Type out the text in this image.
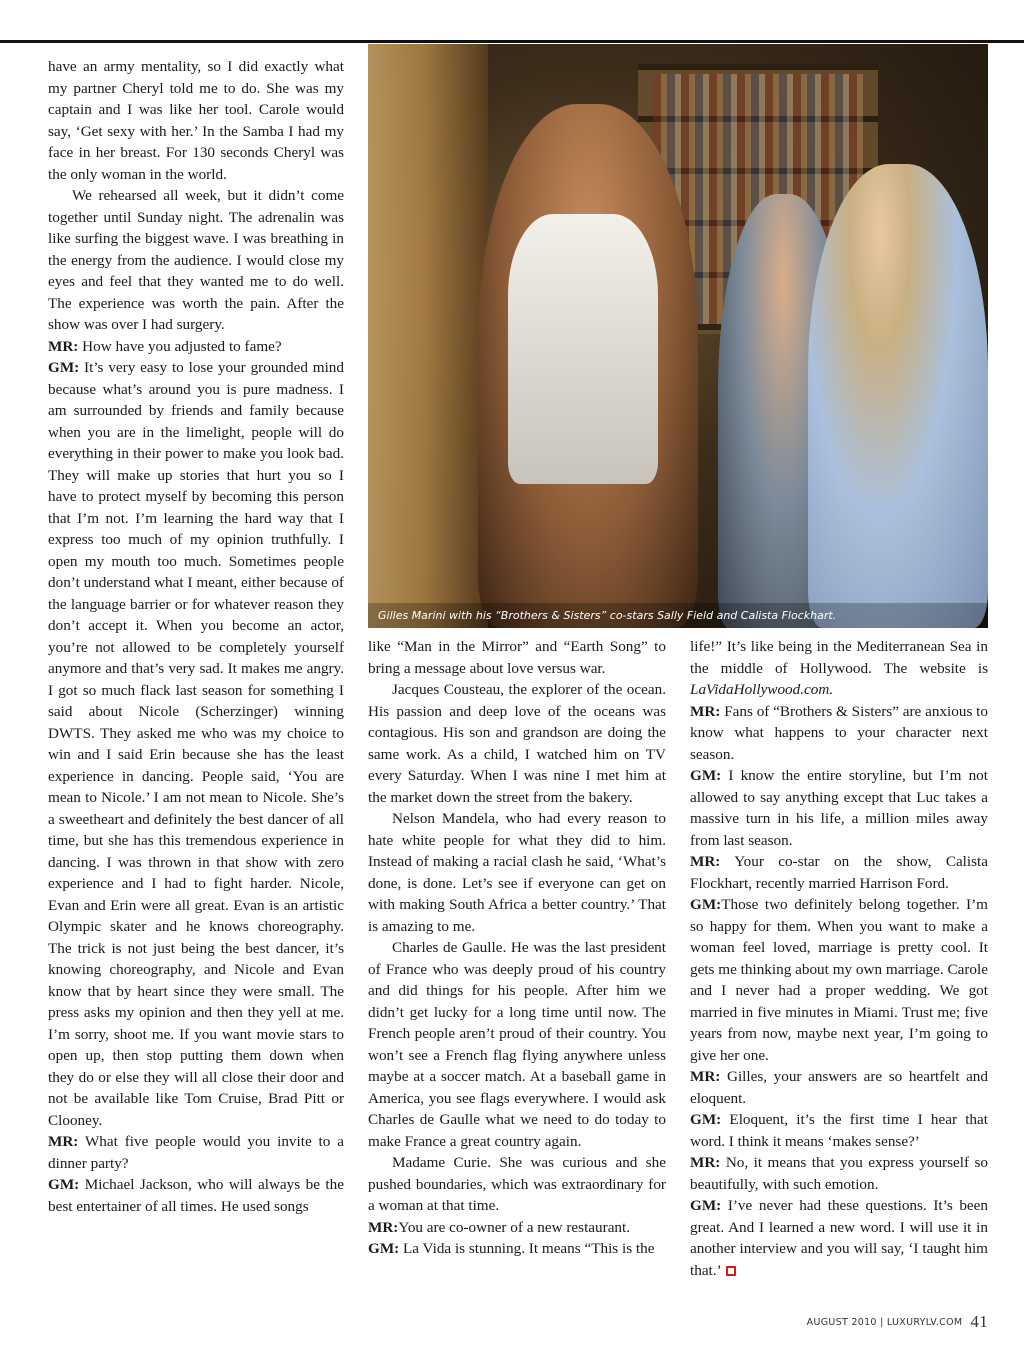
have an army mentality, so I did exactly what my partner Cheryl told me to do. She was my captain and I was like her tool. Carole would say, ‘Get sexy with her.’ In the Samba I had my face in her breast. For 130 seconds Cheryl was the only woman in the world.

We rehearsed all week, but it didn’t come together until Sunday night. The adrenalin was like surfing the biggest wave. I was breathing in the energy from the audience. I would close my eyes and feel that they wanted me to do well. The experience was worth the pain. After the show was over I had surgery.

MR: How have you adjusted to fame?

GM: It’s very easy to lose your grounded mind because what’s around you is pure madness. I am surrounded by friends and family because when you are in the limelight, people will do everything in their power to make you look bad. They will make up stories that hurt you so I have to protect myself by becoming this person that I’m not. I’m learning the hard way that I express too much of my opinion truthfully. I open my mouth too much. Sometimes people don’t understand what I meant, either because of the language barrier or for whatever reason they don’t accept it. When you become an actor, you’re not allowed to be completely yourself anymore and that’s very sad. It makes me angry. I got so much flack last season for something I said about Nicole (Scherzinger) winning DWTS. They asked me who was my choice to win and I said Erin because she has the least experience in dancing. People said, ‘You are mean to Nicole.’ I am not mean to Nicole. She’s a sweetheart and definitely the best dancer of all time, but she has this tremendous experience in dancing. I was thrown in that show with zero experience and I had to fight harder. Nicole, Evan and Erin were all great. Evan is an artistic Olympic skater and he knows choreography. The trick is not just being the best dancer, it’s knowing choreography, and Nicole and Evan know that by heart since they were small. The press asks my opinion and then they yell at me. I’m sorry, shoot me. If you want movie stars to open up, then stop putting them down when they do or else they will all close their door and not be available like Tom Cruise, Brad Pitt or Clooney.

MR: What five people would you invite to a dinner party?

GM: Michael Jackson, who will always be the best entertainer of all times. He used songs

Gilles Marini with his “Brothers & Sisters” co-stars Sally Field and Calista Flockhart.

like “Man in the Mirror” and “Earth Song” to bring a message about love versus war.

Jacques Cousteau, the explorer of the ocean. His passion and deep love of the oceans was contagious. His son and grandson are doing the same work. As a child, I watched him on TV every Saturday. When I was nine I met him at the market down the street from the bakery.

Nelson Mandela, who had every reason to hate white people for what they did to him. Instead of making a racial clash he said, ‘What’s done, is done. Let’s see if everyone can get on with making South Africa a better country.’ That is amazing to me.

Charles de Gaulle. He was the last president of France who was deeply proud of his country and did things for his people. After him we didn’t get lucky for a long time until now. The French people aren’t proud of their country. You won’t see a French flag flying anywhere unless maybe at a soccer match. At a baseball game in America, you see flags everywhere. I would ask Charles de Gaulle what we need to do today to make France a great country again.

Madame Curie. She was curious and she pushed boundaries, which was extraordinary for a woman at that time.

MR:You are co-owner of a new restaurant.

GM: La Vida is stunning. It means “This is the

life!” It’s like being in the Mediterranean Sea in the middle of Hollywood. The website is LaVidaHollywood.com.

MR: Fans of “Brothers & Sisters” are anxious to know what happens to your character next season.

GM: I know the entire storyline, but I’m not allowed to say anything except that Luc takes a massive turn in his life, a million miles away from last season.

MR: Your co-star on the show, Calista Flockhart, recently married Harrison Ford.

GM:Those two definitely belong together. I’m so happy for them. When you want to make a woman feel loved, marriage is pretty cool. It gets me thinking about my own marriage. Carole and I never had a proper wedding. We got married in five minutes in Miami. Trust me; five years from now, maybe next year, I’m going to give her one.

MR: Gilles, your answers are so heartfelt and eloquent.

GM: Eloquent, it’s the first time I hear that word. I think it means ‘makes sense?’

MR: No, it means that you express yourself so beautifully, with such emotion.

GM: I’ve never had these questions. It’s been great. And I learned a new word. I will use it in another interview and you will say, ‘I taught him that.’

AUGUST 2010 | LUXURYLV.COM 41
